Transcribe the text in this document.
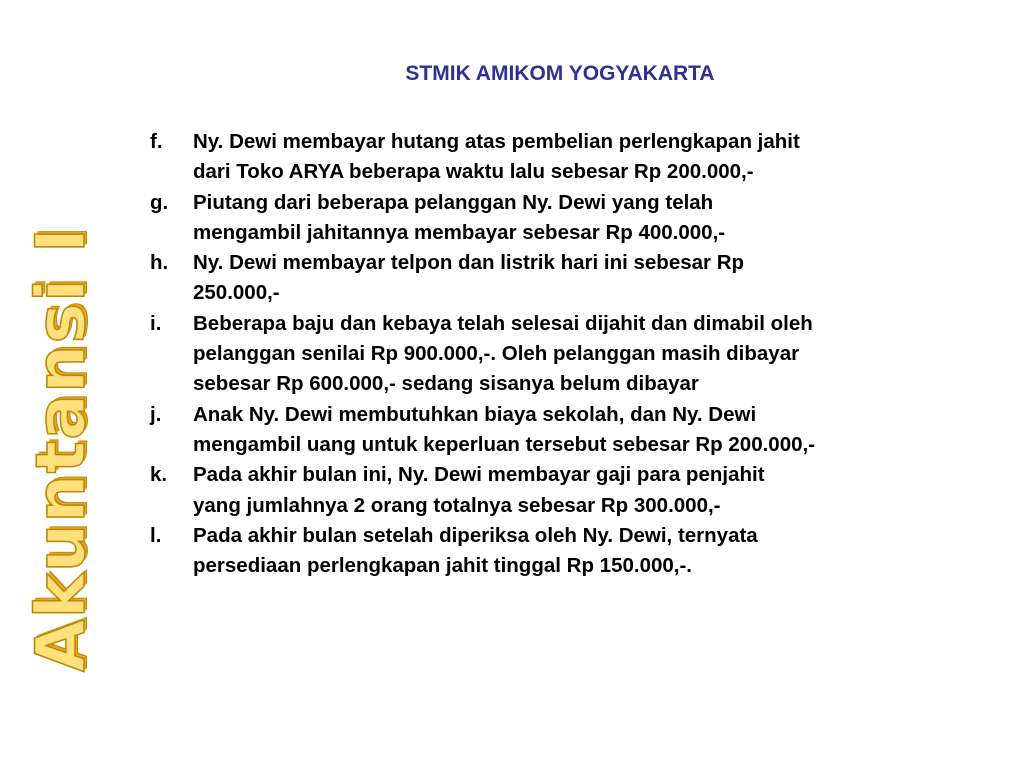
Akuntansi I
STMIK AMIKOM YOGYAKARTA
f. Ny. Dewi membayar hutang atas pembelian perlengkapan jahit
dari Toko ARYA beberapa waktu lalu sebesar Rp 200.000,-
g. Piutang dari beberapa pelanggan Ny. Dewi yang telah
mengambil jahitannya membayar sebesar Rp 400.000,-
h. Ny. Dewi membayar telpon dan listrik hari ini sebesar Rp
250.000,-
i. Beberapa baju dan kebaya telah selesai dijahit dan dimabil oleh
pelanggan senilai Rp 900.000,-. Oleh pelanggan masih dibayar
sebesar Rp 600.000,- sedang sisanya belum dibayar
j. Anak Ny. Dewi membutuhkan biaya sekolah, dan Ny. Dewi
mengambil uang untuk keperluan tersebut sebesar Rp 200.000,-
k. Pada akhir bulan ini, Ny. Dewi membayar gaji para penjahit
yang jumlahnya 2 orang totalnya sebesar Rp 300.000,-
l. Pada akhir bulan setelah diperiksa oleh Ny. Dewi, ternyata
persediaan perlengkapan jahit tinggal Rp 150.000,-.
